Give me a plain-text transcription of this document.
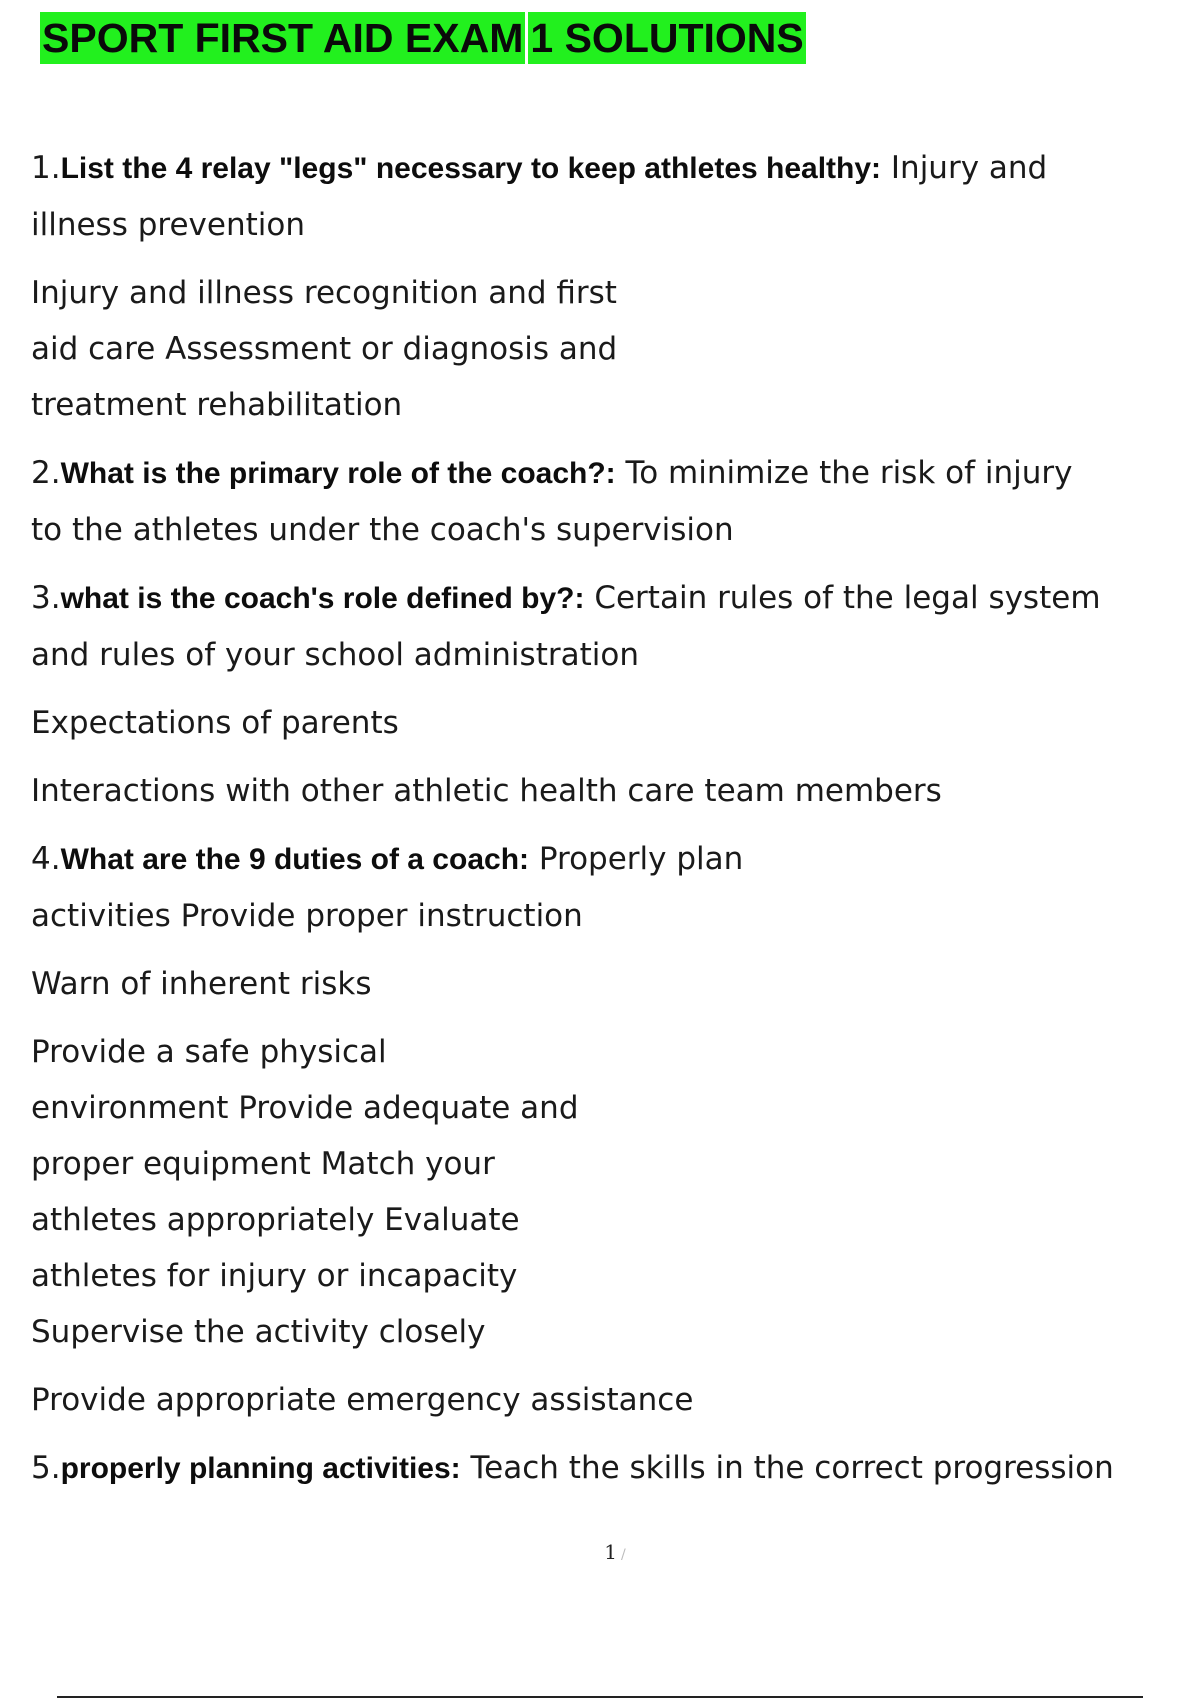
SPORT FIRST AID EXAM 1 SOLUTIONS
1.List the 4 relay "legs" necessary to keep athletes healthy: Injury and
illness prevention
Injury and illness recognition and first
aid care Assessment or diagnosis and
treatment rehabilitation
2.What is the primary role of the coach?: To minimize the risk of injury
to the athletes under the coach's supervision
3.what is the coach's role defined by?: Certain rules of the legal system
and rules of your school administration
Expectations of parents
Interactions with other athletic health care team members
4.What are the 9 duties of a coach: Properly plan
activities Provide proper instruction
Warn of inherent risks
Provide a safe physical
environment Provide adequate and
proper equipment Match your
athletes appropriately Evaluate
athletes for injury or incapacity
Supervise the activity closely
Provide appropriate emergency assistance
5.properly planning activities: Teach the skills in the correct progression
1 /
